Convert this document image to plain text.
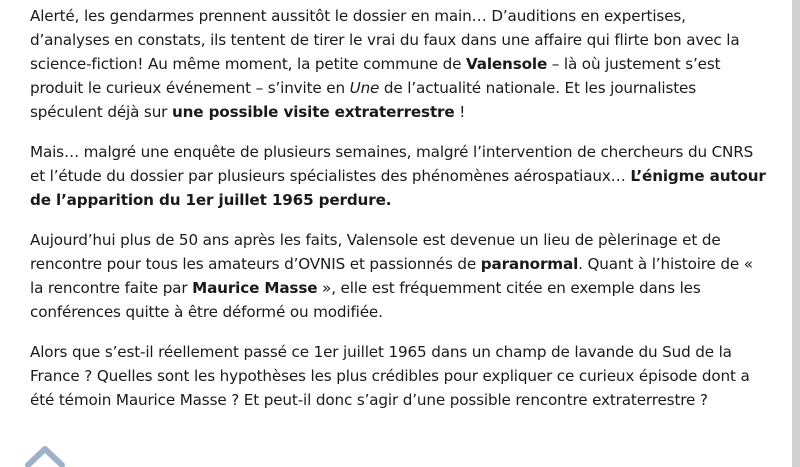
Alerté, les gendarmes prennent aussitôt le dossier en main… D’auditions en expertises, d’analyses en constats, ils tentent de tirer le vrai du faux dans une affaire qui flirte bon avec la science-fiction! Au même moment, la petite commune de Valensole – là où justement s’est produit le curieux événement – s’invite en Une de l’actualité nationale. Et les journalistes spéculent déjà sur une possible visite extraterrestre !

Mais… malgré une enquête de plusieurs semaines, malgré l’intervention de chercheurs du CNRS et l’étude du dossier par plusieurs spécialistes des phénomènes aérospatiaux… L’énigme autour de l’apparition du 1er juillet 1965 perdure.

Aujourd’hui plus de 50 ans après les faits, Valensole est devenue un lieu de pèlerinage et de rencontre pour tous les amateurs d’OVNIS et passionnés de paranormal. Quant à l’histoire de « la rencontre faite par Maurice Masse », elle est fréquemment citée en exemple dans les conférences quitte à être déformé ou modifiée.

Alors que s’est-il réellement passé ce 1er juillet 1965 dans un champ de lavande du Sud de la France ? Quelles sont les hypothèses les plus crédibles pour expliquer ce curieux épisode dont a été témoin Maurice Masse ? Et peut-il donc s’agir d’une possible rencontre extraterrestre ?
